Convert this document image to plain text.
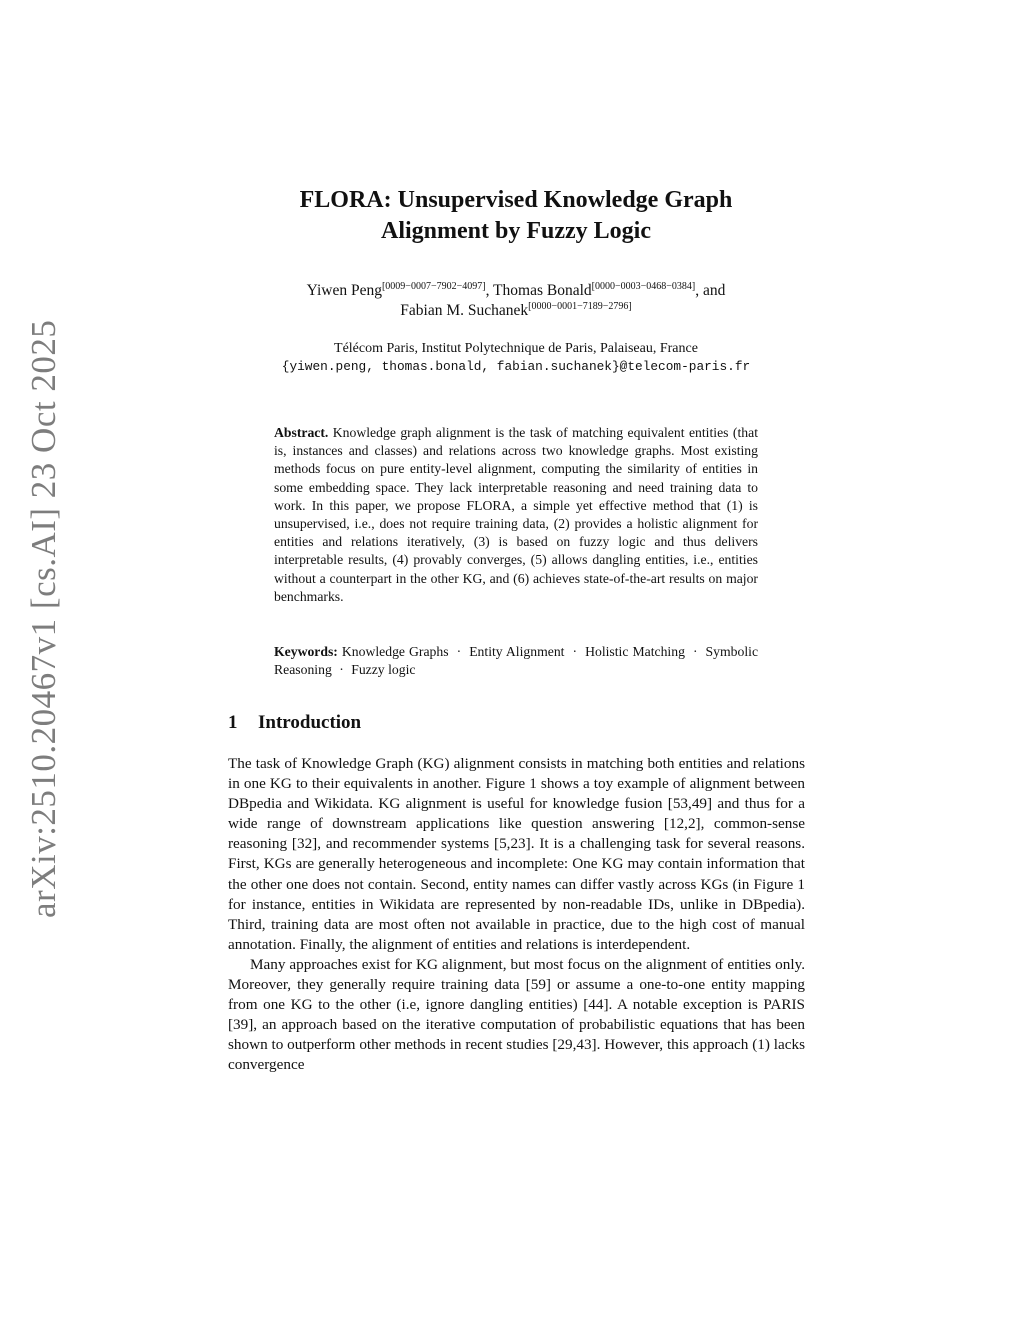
arXiv:2510.20467v1 [cs.AI] 23 Oct 2025
FLORA: Unsupervised Knowledge Graph
Alignment by Fuzzy Logic
Yiwen Peng[0009−0007−7902−4097], Thomas Bonald[0000−0003−0468−0384], and
Fabian M. Suchanek[0000−0001−7189−2796]
Télécom Paris, Institut Polytechnique de Paris, Palaiseau, France
{yiwen.peng, thomas.bonald, fabian.suchanek}@telecom-paris.fr
Abstract. Knowledge graph alignment is the task of matching equivalent entities (that is, instances and classes) and relations across two knowledge graphs. Most existing methods focus on pure entity-level alignment, computing the similarity of entities in some embedding space. They lack interpretable reasoning and need training data to work. In this paper, we propose FLORA, a simple yet effective method that (1) is unsupervised, i.e., does not require training data, (2) provides a holistic alignment for entities and relations iteratively, (3) is based on fuzzy logic and thus delivers interpretable results, (4) provably converges, (5) allows dangling entities, i.e., entities without a counterpart in the other KG, and (6) achieves state-of-the-art results on major benchmarks.
Keywords: Knowledge Graphs · Entity Alignment · Holistic Matching · Symbolic Reasoning · Fuzzy logic
1 Introduction

The task of Knowledge Graph (KG) alignment consists in matching both entities and relations in one KG to their equivalents in another. Figure 1 shows a toy example of alignment between DBpedia and Wikidata. KG alignment is useful for knowledge fusion [53,49] and thus for a wide range of downstream applications like question answering [12,2], common-sense reasoning [32], and recommender systems [5,23]. It is a challenging task for several reasons. First, KGs are generally heterogeneous and incomplete: One KG may contain information that the other one does not contain. Second, entity names can differ vastly across KGs (in Figure 1 for instance, entities in Wikidata are represented by non-readable IDs, unlike in DBpedia). Third, training data are most often not available in practice, due to the high cost of manual annotation. Finally, the alignment of entities and relations is interdependent.

Many approaches exist for KG alignment, but most focus on the alignment of entities only. Moreover, they generally require training data [59] or assume a one-to-one entity mapping from one KG to the other (i.e, ignore dangling entities) [44]. A notable exception is PARIS [39], an approach based on the iterative computation of probabilistic equations that has been shown to outperform other methods in recent studies [29,43]. However, this approach (1) lacks convergence
